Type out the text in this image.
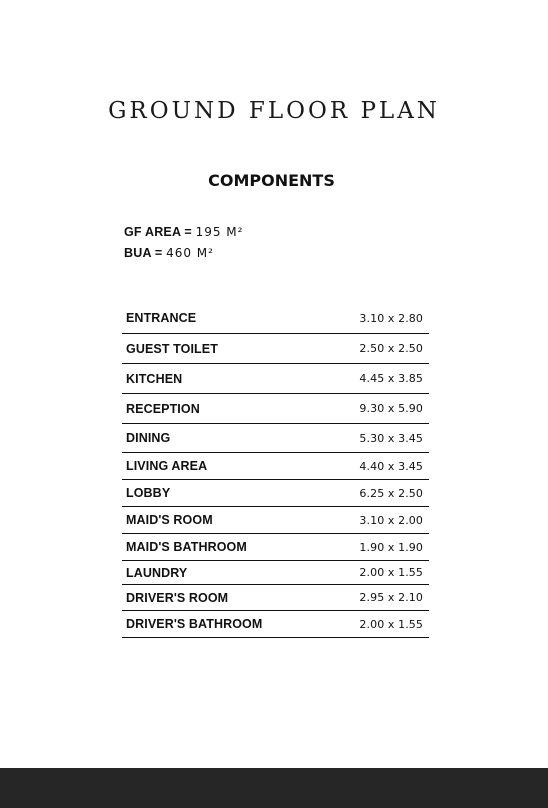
GROUND FLOOR PLAN
COMPONENTS
GF AREA = 195 M²
BUA = 460 M²
ENTRANCE	3.10 x 2.80
GUEST TOILET	2.50 x 2.50
KITCHEN	4.45 x 3.85
RECEPTION	9.30 x 5.90
DINING	5.30 x 3.45
LIVING AREA	4.40 x 3.45
LOBBY	6.25 x 2.50
MAID'S ROOM	3.10 x 2.00
MAID'S BATHROOM	1.90 x 1.90
LAUNDRY	2.00 x 1.55
DRIVER'S ROOM	2.95 x 2.10
DRIVER'S BATHROOM	2.00 x 1.55
